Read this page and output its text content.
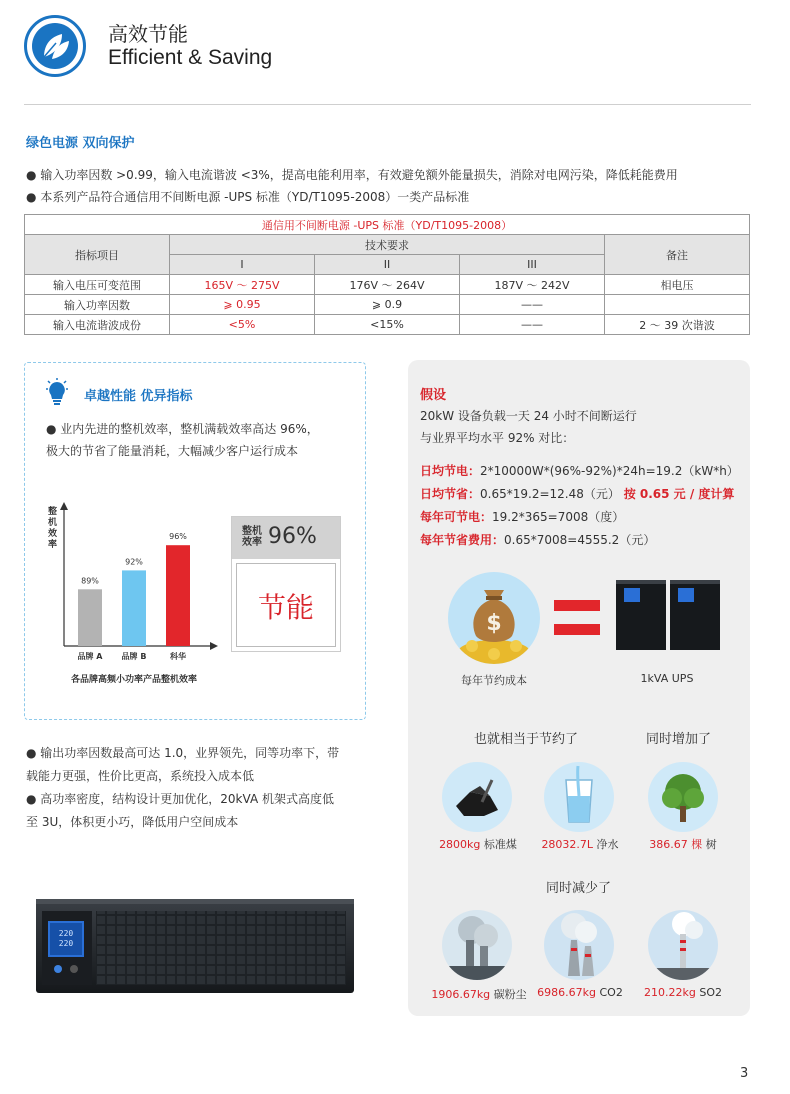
高效节能
Efficient & Saving
绿色电源 双向保护
● 输入功率因数 >0.99，输入电流谐波 <3%，提高电能利用率，有效避免额外能量损失，消除对电网污染，降低耗能费用
● 本系列产品符合通信用不间断电源 -UPS 标准（YD/T1095-2008）一类产品标准
通信用不间断电源 -UPS 标准（YD/T1095-2008）				
指标项目	技术要求			备注
	I	II	III	
输入电压可变范围	165V ～ 275V	176V ～ 264V	187V ～ 242V	相电压
输入功率因数	⩾ 0.95	⩾ 0.9	——	
输入电流谐波成份	<5%	<15%	——	2 ～ 39 次谐波
卓越性能 优异指标
● 业内先进的整机效率，整机满载效率高达 96%，
极大的节省了能量消耗，大幅减少客户运行成本
整机效率
89%
品牌 A
92%
品牌 B
96%
科华
各品牌高频小功率产品整机效率
整机
效率 96%
节能
● 输出功率因数最高可达 1.0，业界领先，同等功率下，带
载能力更强，性价比更高，系统投入成本低
● 高功率密度，结构设计更加优化，20kVA 机架式高度低
至 3U，体积更小巧，降低用户空间成本
220
220
假设
20kW 设备负载一天 24 小时不间断运行
与业界平均水平 92% 对比：
日均节电：2*10000W*(96%-92%)*24h=19.2（kW*h）
日均节省：0.65*19.2=12.48（元） 按 0.65 元 / 度计算
每年可节电：19.2*365=7008（度）
每年节省费用：0.65*7008=4555.2（元）
$
每年节约成本	1kVA UPS
也就相当于节约了	同时增加了
2800kg 标准煤	28032.7L 净水	386.67 棵 树
同时减少了
1906.67kg 碳粉尘 6986.67kg CO2	210.22kg SO2
3
